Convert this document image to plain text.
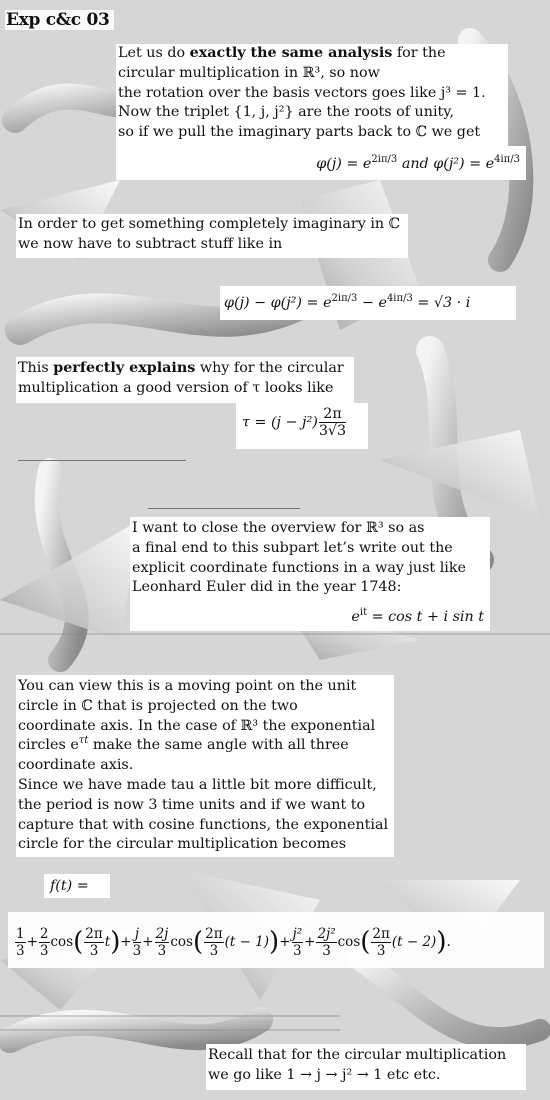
Exp c&c 03
Let us do exactly the same analysis for the
circular multiplication in ℝ³, so now
the rotation over the basis vectors goes like j³ = 1.
Now the triplet {1, j, j²} are the roots of unity,
so if we pull the imaginary parts back to ℂ we get
$\varphi(j) = e^{2i\pi/3}$ and $\varphi(j^2) = e^{4i\pi/3}$
In order to get something completely imaginary in ℂ
we now have to subtract stuff like in
$\varphi(j) - \varphi(j^2) = e^{2i\pi/3} - e^{4i\pi/3} = √3 \cdot i$
This perfectly explains why for the circular
multiplication a good version of τ looks like
$\tau = (j - j^2) \frac{2\pi}{3√3}$
I want to close the overview for ℝ³ so as
a final end to this subpart let’s write out the
explicit coordinate functions in a way just like
Leonhard Euler did in the year 1748:
$e^{it} = \cos t + i$ sin t
You can view this is a moving point on the unit
circle in ℂ that is projected on the two
coordinate axis. In the case of ℝ³ the exponential
circles $e^{\tau t}$ make the same angle with all three
coordinate axis.
Since we have made tau a little bit more difficult,
the period is now 3 time units and if we want to
capture that with cosine functions, the exponential
circle for the circular multiplication becomes
f(t) =
$\frac{1}{3} + \frac{2}{3}$ cos ( $\frac{2\pi}{3}$ t ) + $\frac{j}{3} + \frac{2j}{3}$ cos ( $\frac{2\pi}{3} (t - 1)$ ) + $\frac{\text{j²}}{3} + \frac{\text{2j²}}{3}$ cos ( $\frac{2\pi}{3} (t - 2)$ ) .
Recall that for the circular multiplication
we go like 1 → j → j² → 1 etc etc.
